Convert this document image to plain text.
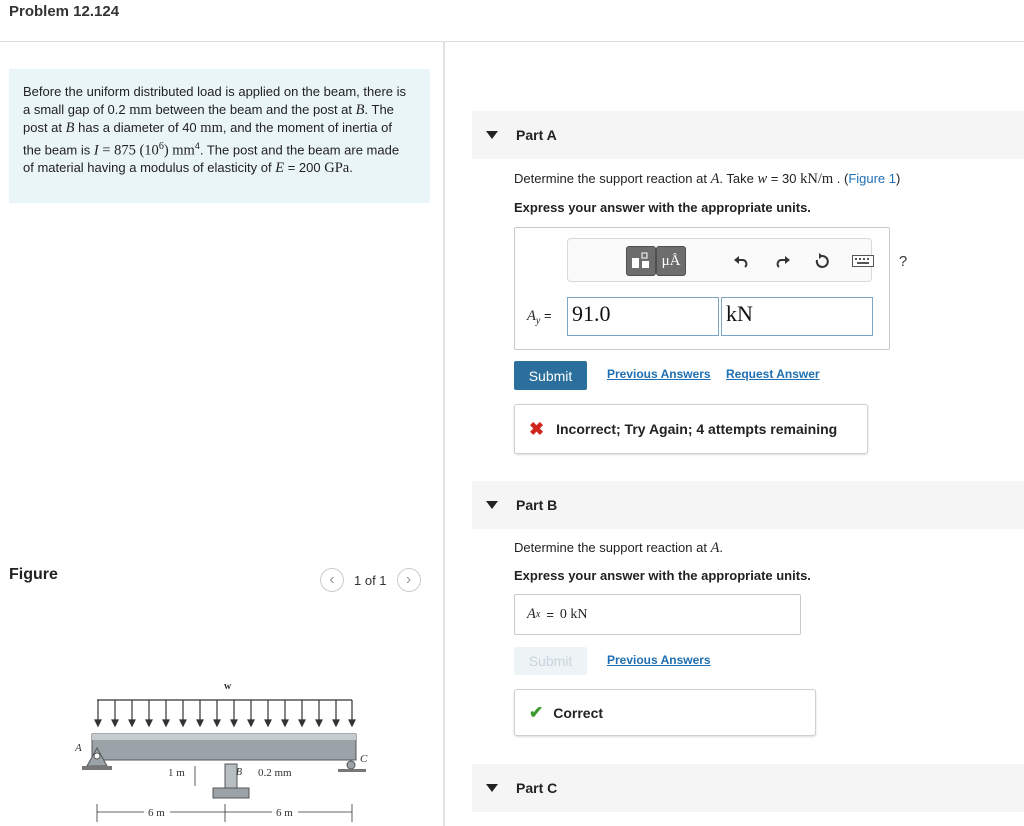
Problem 12.124

Before the uniform distributed load is applied on the beam, there is a small gap of 0.2 mm between the beam and the post at B. The post at B has a diameter of 40 mm, and the moment of inertia of the beam is I = 875 $(10^6)$ $mm^4$. The post and the beam are made of material having a modulus of elasticity of E = 200 GPa.

Figure	‹	1 of 1	›
w
A
C
B 0.2 mm
1 m
6 m	6 m
Part A
Determine the support reaction at A. Take w = 30 kN/m . (Figure 1)
Express your answer with the appropriate units.
μÅ	?
$A_y = 91.0$	kN
Submit	Previous Answers Request Answer
✖ Incorrect; Try Again; 4 attempts remaining
Part B
Determine the support reaction at A.
Express your answer with the appropriate units.
A x = 0 kN
Submit	Previous Answers
✔ Correct
Part C
